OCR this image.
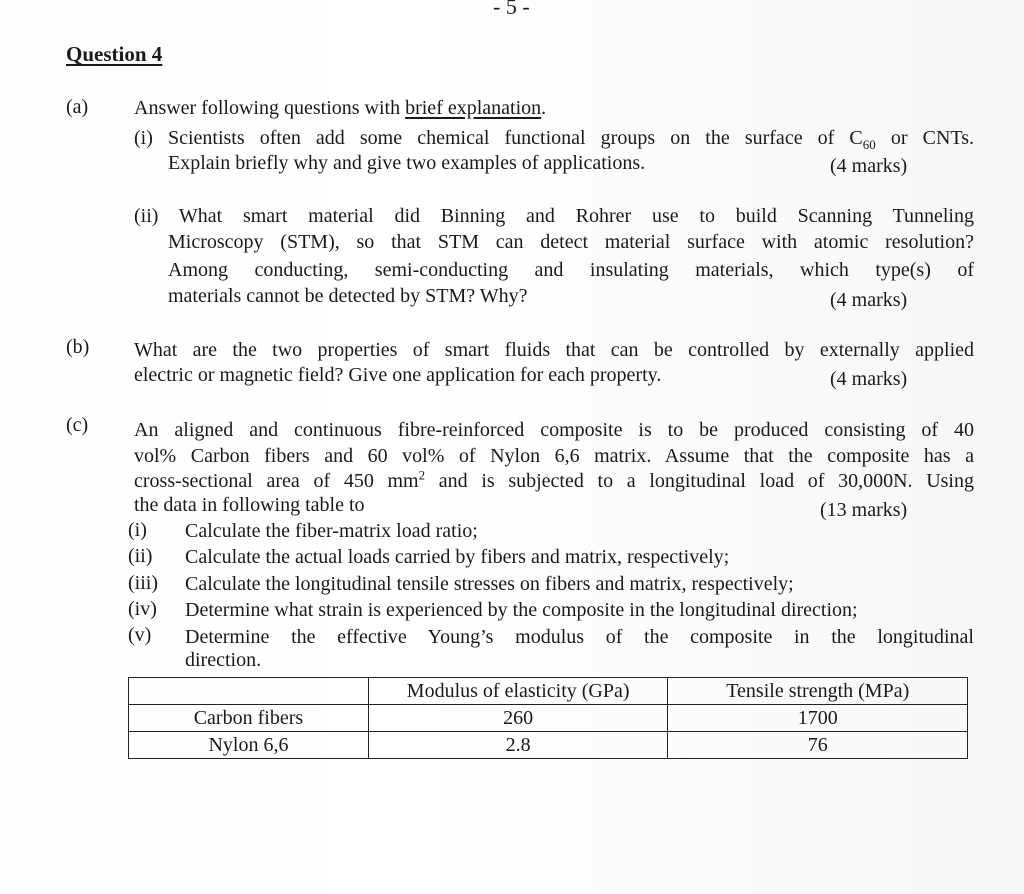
- 5 -
Question 4
(a) Answer following questions with brief explanation.
(i) Scientists often add some chemical functional groups on the surface of $C_{60}$ or CNTs.
Explain briefly why and give two examples of applications.	(4 marks)
(ii) What smart material did Binning and Rohrer use to build Scanning Tunneling
Microscopy (STM), so that STM can detect material surface with atomic resolution?
Among conducting, semi-conducting and insulating materials, which type(s) of
materials cannot be detected by STM? Why?	(4 marks)
(b) What are the two properties of smart fluids that can be controlled by externally applied
electric or magnetic field? Give one application for each property.	(4 marks)
(c) An aligned and continuous fibre-reinforced composite is to be produced consisting of 40
vol% Carbon fibers and 60 vol% of Nylon 6,6 matrix. Assume that the composite has a
cross-sectional area of 450 $mm^2$ and is subjected to a longitudinal load of 30,000N. Using
the data in following table to	(13 marks)
(i) Calculate the fiber-matrix load ratio;
(ii) Calculate the actual loads carried by fibers and matrix, respectively;
(iii) Calculate the longitudinal tensile stresses on fibers and matrix, respectively;
(iv) Determine what strain is experienced by the composite in the longitudinal direction;
(v) Determine the effective Young’s modulus of the composite in the longitudinal
direction.
	Modulus of elasticity (GPa)	Tensile strength (MPa)
Carbon fibers	260	1700
Nylon 6,6	2.8	76
